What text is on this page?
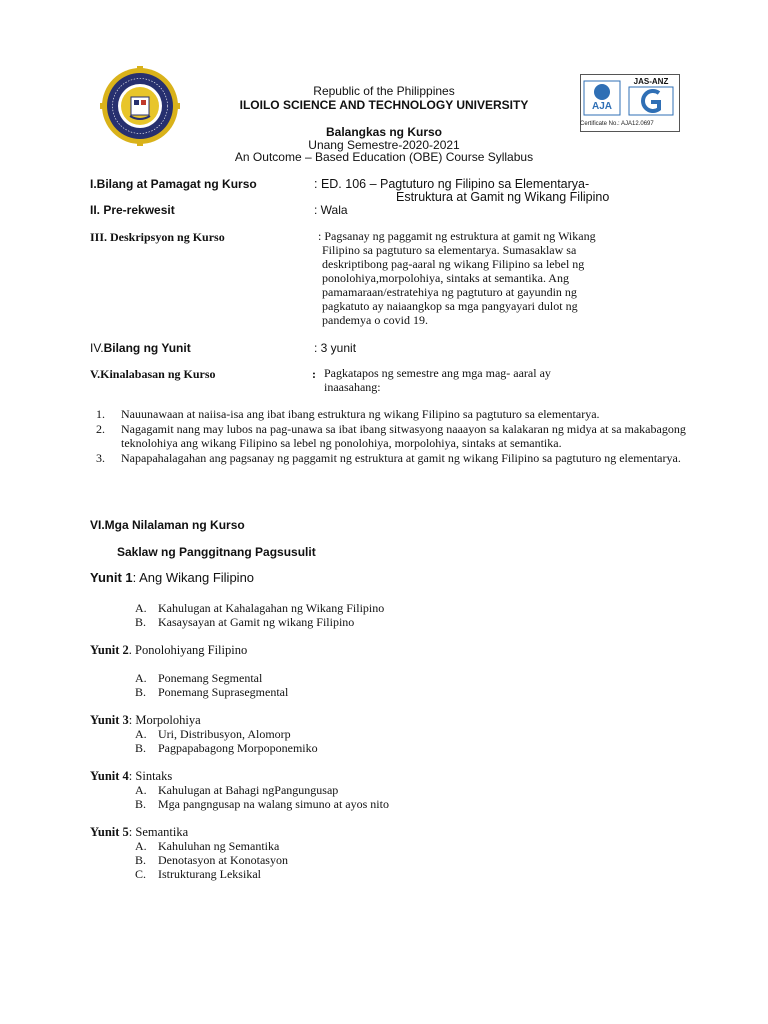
AJA
JAS-ANZ
Certificate No.: AJA12.0697
Republic of the Philippines
ILOILO SCIENCE AND TECHNOLOGY UNIVERSITY
Balangkas ng Kurso
Unang Semestre-2020-2021
An Outcome – Based Education (OBE) Course Syllabus
I.Bilang at Pamagat ng Kurso	: ED. 106 – Pagtuturo ng Filipino sa Elementarya-
Estruktura at Gamit ng Wikang Filipino
II. Pre-rekwesit	: Wala
III. Deskripsyon ng Kurso	: Pagsanay ng paggamit ng estruktura at gamit ng Wikang
Filipino sa pagtuturo sa elementarya. Sumasaklaw sa
deskriptibong pag-aaral ng wikang Filipino sa lebel ng
ponolohiya,morpolohiya, sintaks at semantika. Ang
pamamaraan/estratehiya ng pagtuturo at gayundin ng
pagkatuto ay naiaangkop sa mga pangyayari dulot ng
pandemya o covid 19.
IV.Bilang ng Yunit	: 3 yunit
V.Kinalabasan ng Kurso	: Pagkatapos ng semestre ang mga mag- aaral ay
inaasahang:
1. Nauunawaan at naiisa-isa ang ibat ibang estruktura ng wikang Filipino sa pagtuturo sa elementarya.
2. Nagagamit nang may lubos na pag-unawa sa ibat ibang sitwasyong naaayon sa kalakaran ng midya at sa makabagong teknolohiya ang wikang Filipino sa lebel ng ponolohiya, morpolohiya, sintaks at semantika.
3. Napapahalagahan ang pagsanay ng paggamit ng estruktura at gamit ng wikang Filipino sa pagtuturo ng elementarya.
VI.Mga Nilalaman ng Kurso
Saklaw ng Panggitnang Pagsusulit
Yunit 1: Ang Wikang Filipino
A. Kahulugan at Kahalagahan ng Wikang Filipino
B. Kasaysayan at Gamit ng wikang Filipino
Yunit 2. Ponolohiyang Filipino
A. Ponemang Segmental
B. Ponemang Suprasegmental
Yunit 3: Morpolohiya
A. Uri, Distribusyon, Alomorp
B. Pagpapabagong Morpoponemiko
Yunit 4: Sintaks
A. Kahulugan at Bahagi ngPangungusap
B. Mga pangngusap na walang simuno at ayos nito
Yunit 5: Semantika
A. Kahuluhan ng Semantika
B. Denotasyon at Konotasyon
C. Istrukturang Leksikal
